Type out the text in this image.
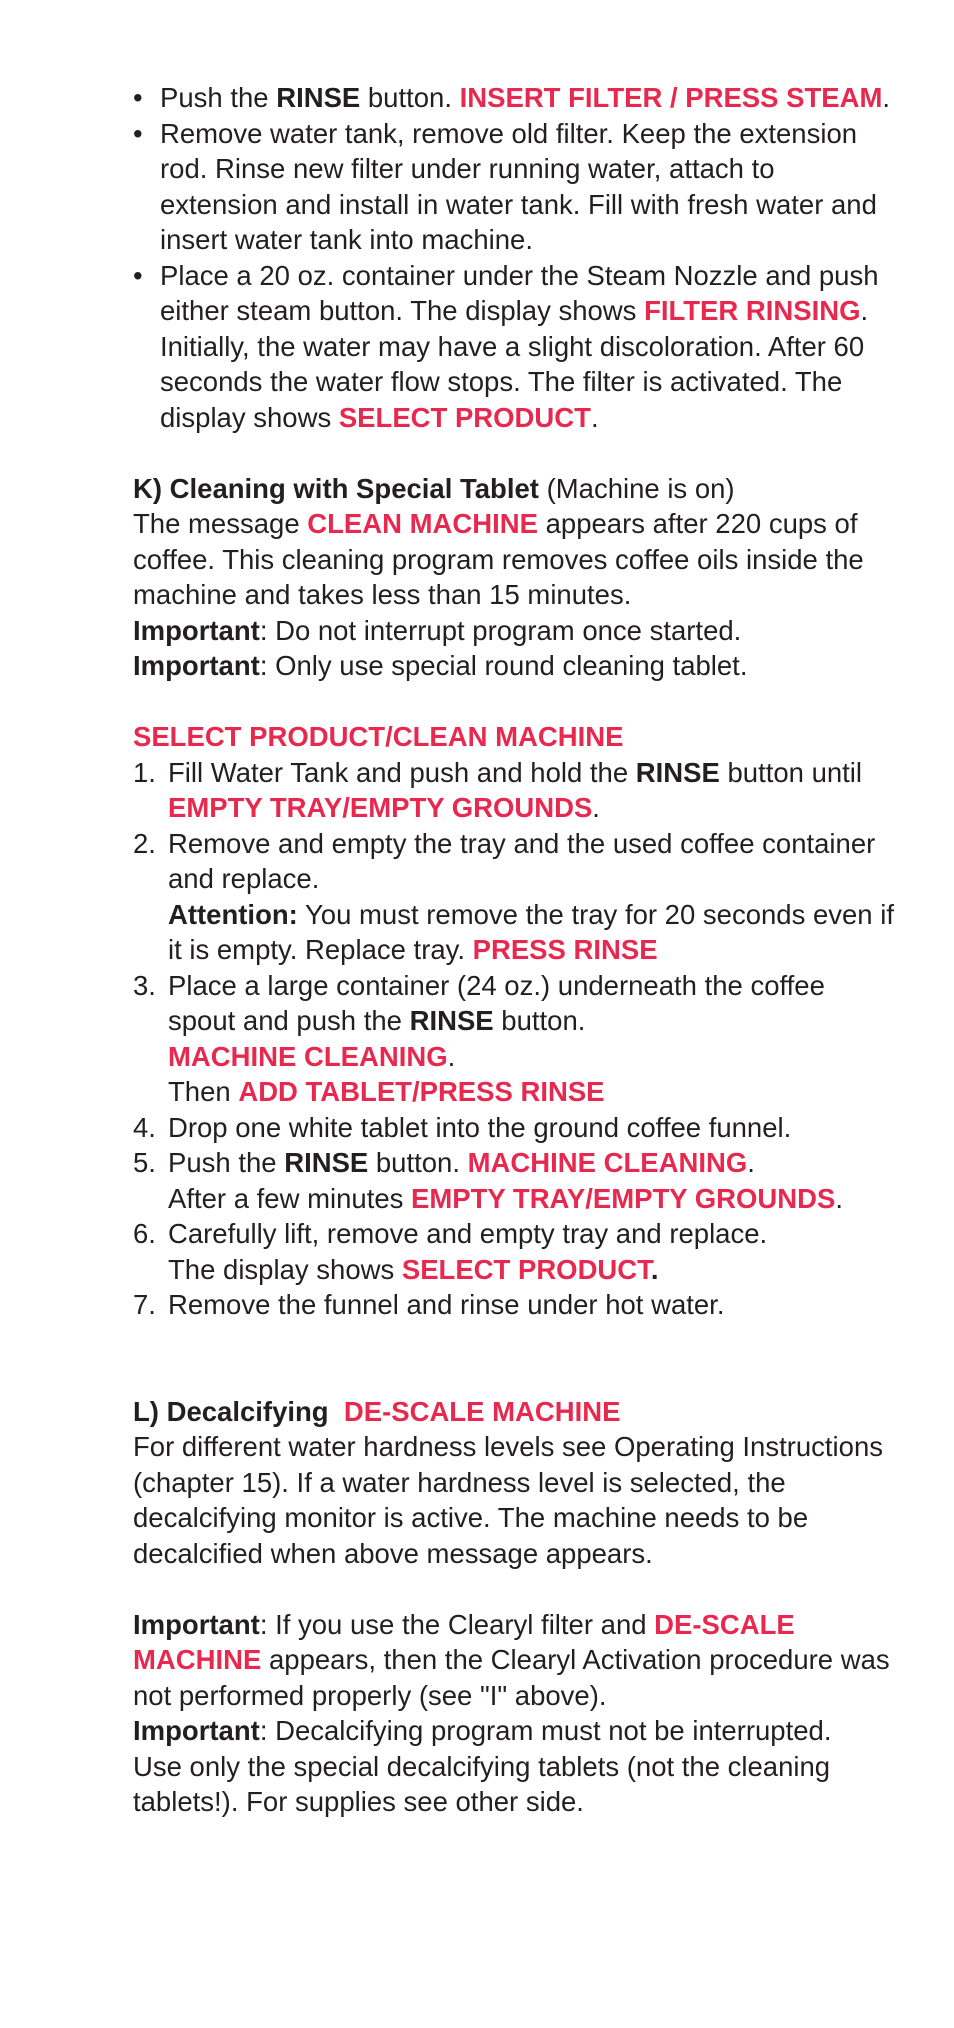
• Push the RINSE button. INSERT FILTER / PRESS STEAM.
• Remove water tank, remove old filter. Keep the extension rod. Rinse new filter under running water, attach to extension and install in water tank. Fill with fresh water and insert water tank into machine.
• Place a 20 oz. container under the Steam Nozzle and push either steam button. The display shows FILTER RINSING. Initially, the water may have a slight discoloration. After 60 seconds the water flow stops. The filter is activated. The display shows SELECT PRODUCT.

K) Cleaning with Special Tablet (Machine is on)

The message CLEAN MACHINE appears after 220 cups of coffee. This cleaning program removes coffee oils inside the machine and takes less than 15 minutes.

Important: Do not interrupt program once started.

Important: Only use special round cleaning tablet.

SELECT PRODUCT/CLEAN MACHINE

1. Fill Water Tank and push and hold the RINSE button until EMPTY TRAY/EMPTY GROUNDS.
2. Remove and empty the tray and the used coffee container and replace.
Attention: You must remove the tray for 20 seconds even if it is empty. Replace tray. PRESS RINSE
3. Place a large container (24 oz.) underneath the coffee spout and push the RINSE button.
MACHINE CLEANING.
Then ADD TABLET/PRESS RINSE
4. Drop one white tablet into the ground coffee funnel.
5. Push the RINSE button. MACHINE CLEANING.
After a few minutes EMPTY TRAY/EMPTY GROUNDS.
6. Carefully lift, remove and empty tray and replace.
The display shows SELECT PRODUCT.
7. Remove the funnel and rinse under hot water.

L) Decalcifying DE-SCALE MACHINE

For different water hardness levels see Operating Instructions (chapter 15). If a water hardness level is selected, the decalcifying monitor is active. The machine needs to be decalcified when above message appears.

Important: If you use the Clearyl filter and DE-SCALE MACHINE appears, then the Clearyl Activation procedure was not performed properly (see "I" above).

Important: Decalcifying program must not be interrupted.

Use only the special decalcifying tablets (not the cleaning tablets!). For supplies see other side.
